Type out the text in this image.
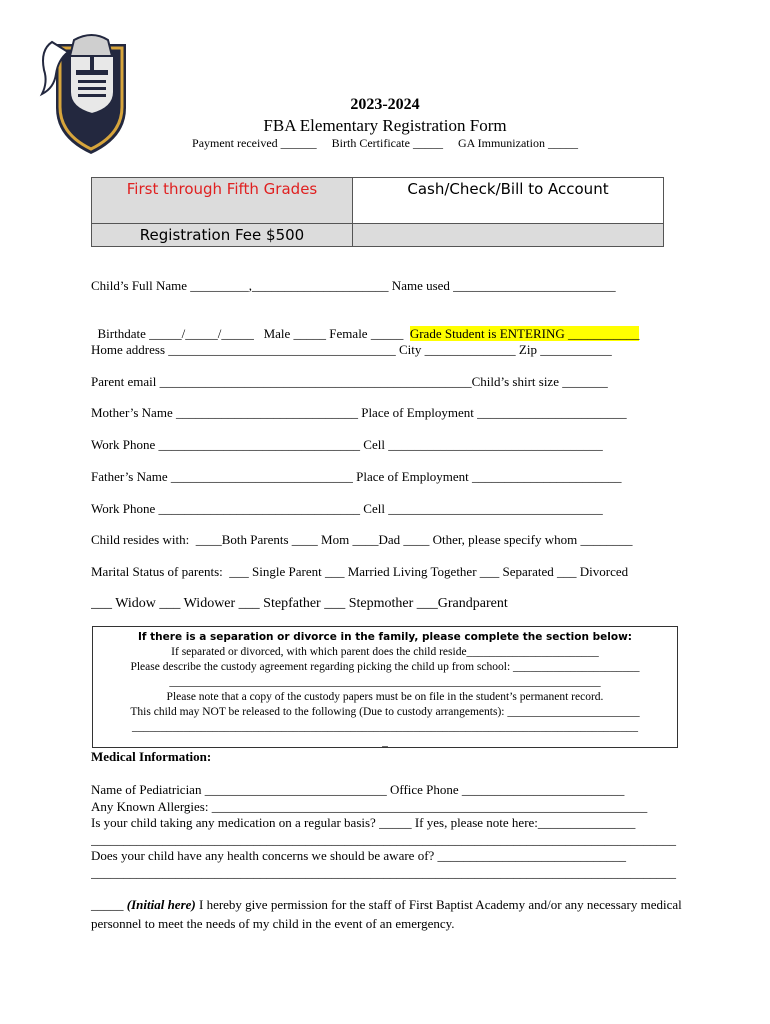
2023-2024
FBA Elementary Registration Form
Payment received ______ Birth Certificate _____ GA Immunization _____
First through Fifth Grades	Cash/Check/Bill to Account
Registration Fee $500	
Child’s Full Name _________,_____________________ Name used _________________________

Birthdate _____/_____/_____   Male _____ Female _____  Grade Student is ENTERING ___________

Home address ___________________________________ City ______________ Zip ___________
Parent email ________________________________________________Child’s shirt size _______
Mother’s Name ____________________________ Place of Employment _______________________
Work Phone _______________________________ Cell _________________________________
Father’s Name ____________________________ Place of Employment _______________________
Work Phone _______________________________ Cell _________________________________
Child resides with:  ____Both Parents ____ Mom ____Dad ____ Other, please specify whom ________
Marital Status of parents:  ___ Single Parent ___ Married Living Together ___ Separated ___ Divorced
___ Widow ___ Widower ___ Stepfather ___ Stepmother ___Grandparent
If there is a separation or divorce in the family, please complete the section below:
If separated or divorced, with which parent does the child reside_______________________
Please describe the custody agreement regarding picking the child up from school: ______________________
___________________________________________________________________________
Please note that a copy of the custody papers must be on file in the student’s permanent record.
This child may NOT be released to the following (Due to custody arrangements): _______________________
________________________________________________________________________________________
_
Medical Information:
Name of Pediatrician ____________________________ Office Phone _________________________
Any Known Allergies: ___________________________________________________________________
Is your child taking any medication on a regular basis? _____ If yes, please note here:_______________
__________________________________________________________________________________________
Does your child have any health concerns we should be aware of? _____________________________
__________________________________________________________________________________________
_____ (Initial here) I hereby give permission for the staff of First Baptist Academy and/or any necessary medical personnel to meet the needs of my child in the event of an emergency.
